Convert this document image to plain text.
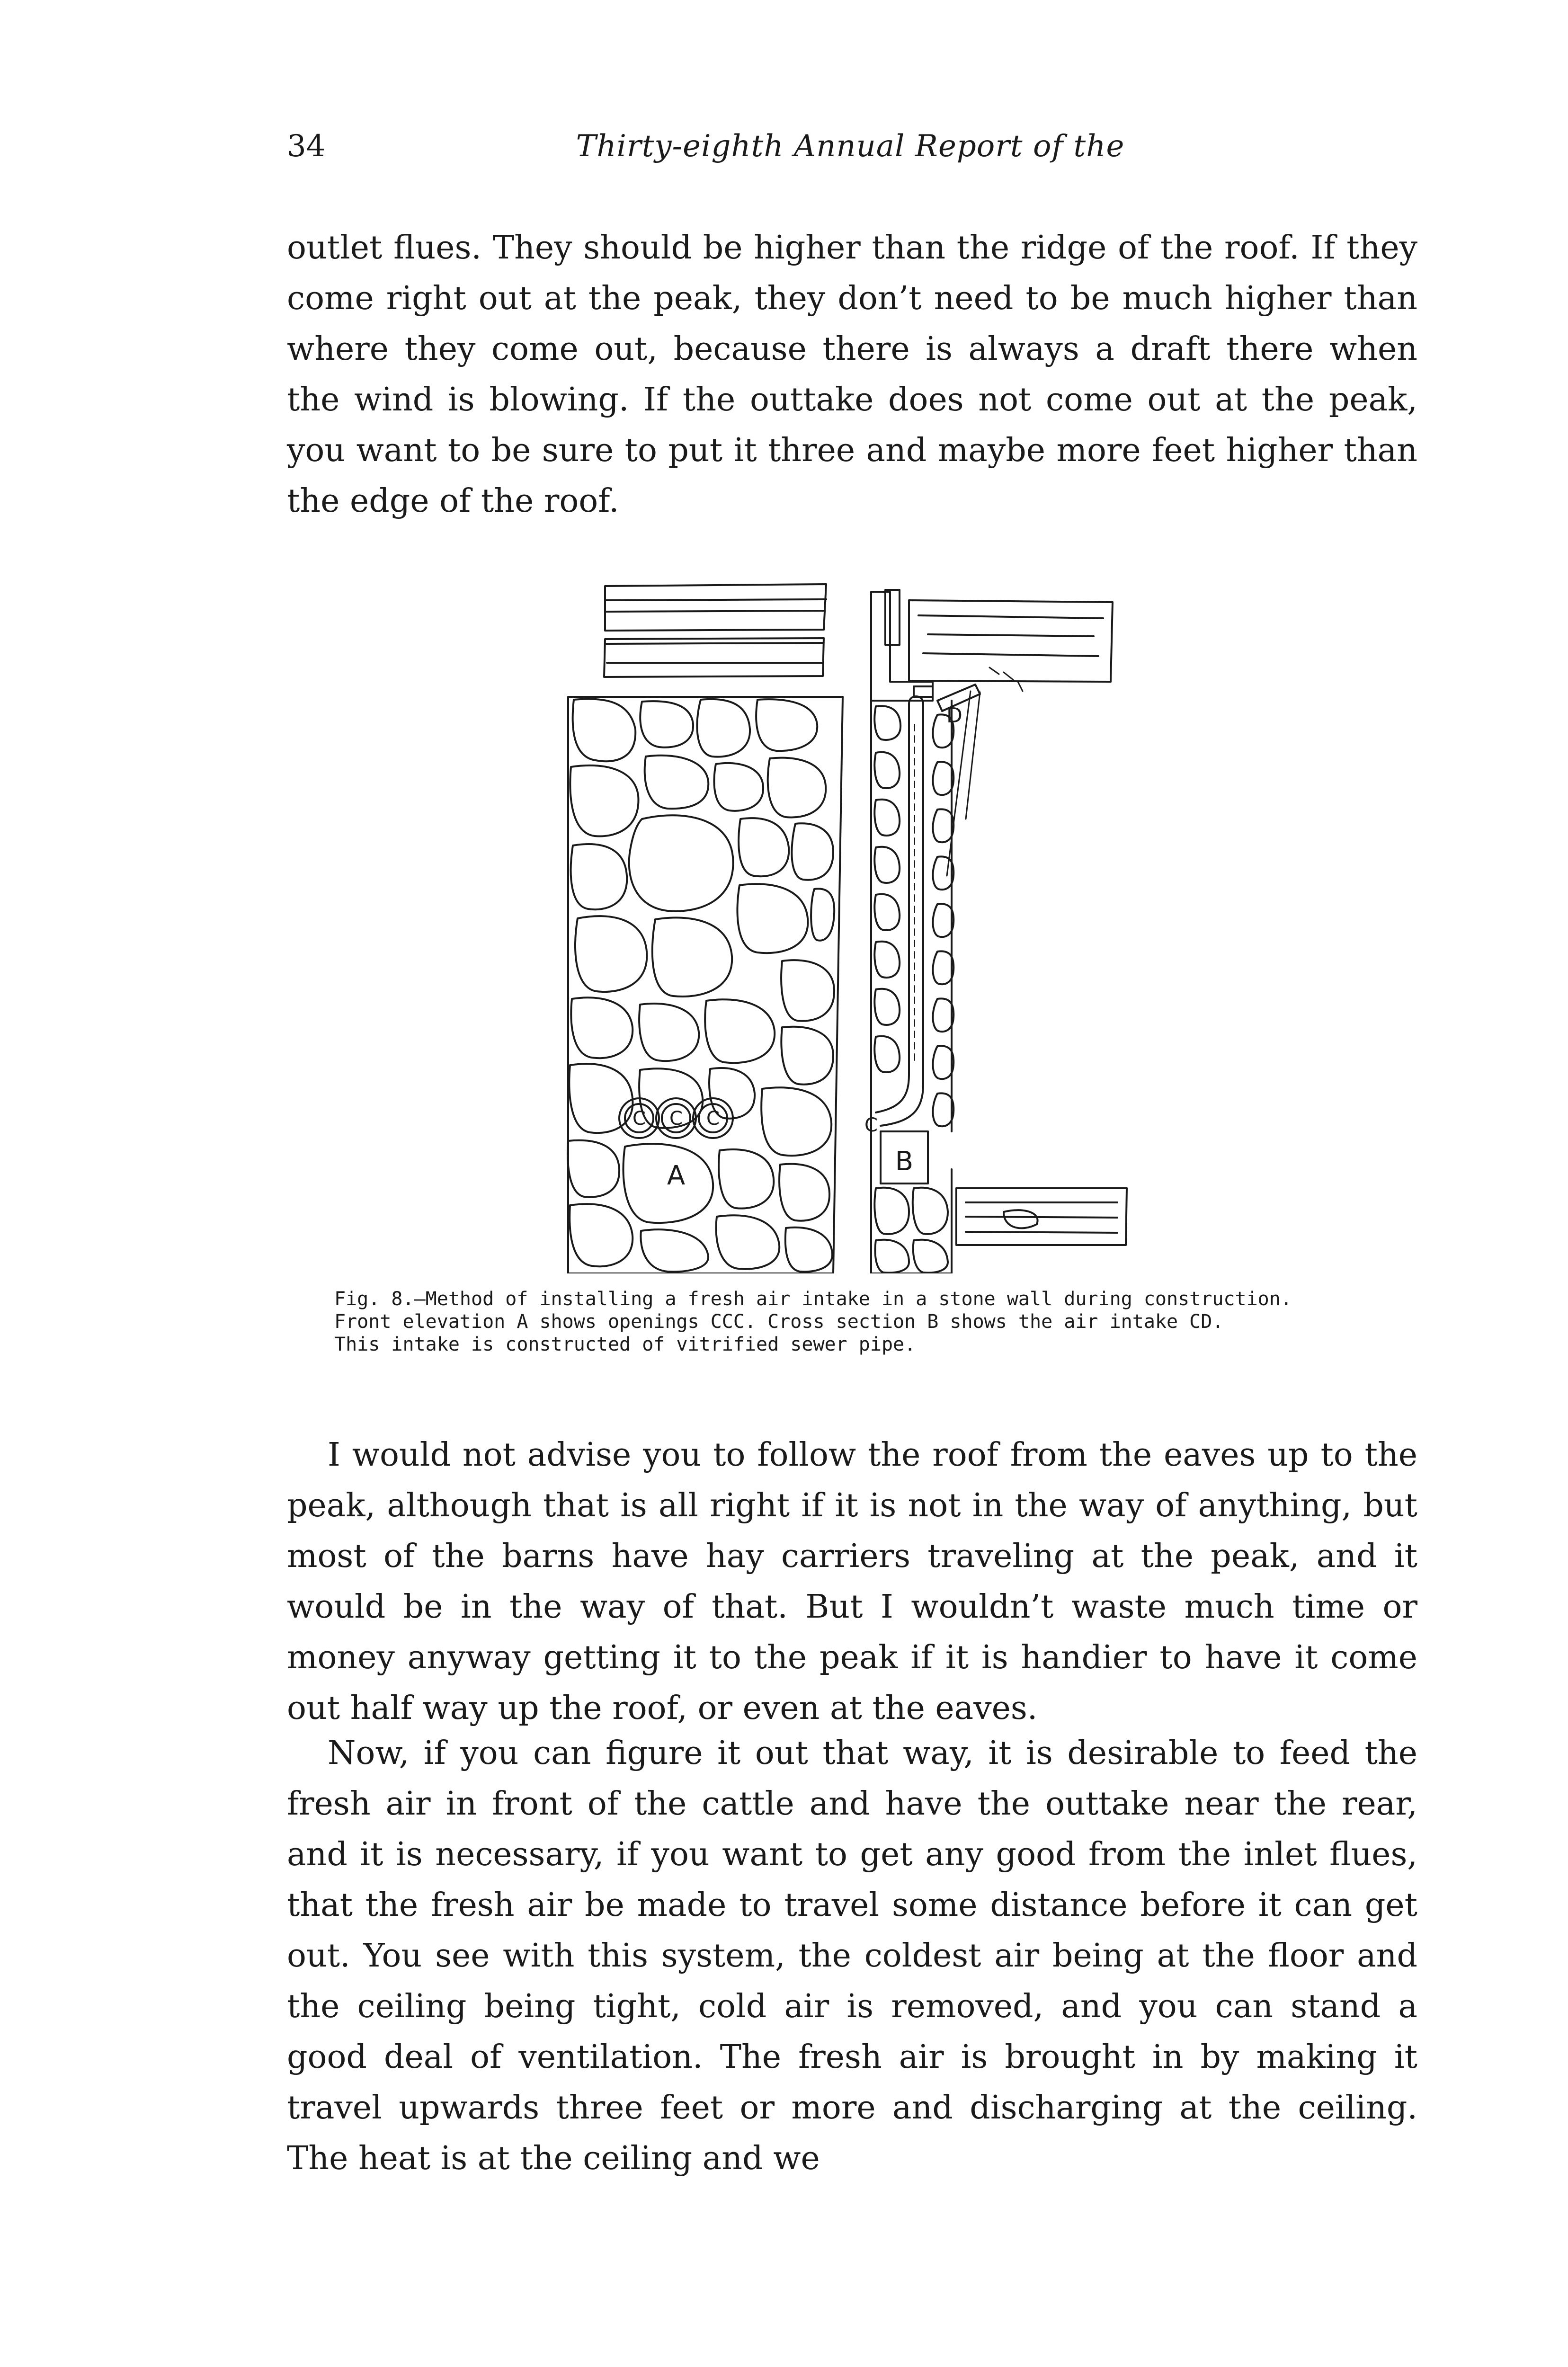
34	Thirty-eighth Annual Report of the

outlet flues. They should be higher than the ridge of the roof. If they come right out at the peak, they don’t need to be much higher than where they come out, because there is always a draft there when the wind is blowing. If the outtake does not come out at the peak, you want to be sure to put it three and maybe more feet higher than the edge of the roof.

C C C
A	B
C
D

Fig. 8.—Method of installing a fresh air intake in a stone wall during construction.
Front elevation A shows openings CCC. Cross section B shows the air intake CD.
This intake is constructed of vitrified sewer pipe.

I would not advise you to follow the roof from the eaves up to the peak, although that is all right if it is not in the way of anything, but most of the barns have hay carriers traveling at the peak, and it would be in the way of that. But I wouldn’t waste much time or money anyway getting it to the peak if it is handier to have it come out half way up the roof, or even at the eaves.

Now, if you can figure it out that way, it is desirable to feed the fresh air in front of the cattle and have the outtake near the rear, and it is necessary, if you want to get any good from the inlet flues, that the fresh air be made to travel some distance before it can get out. You see with this system, the coldest air being at the floor and the ceiling being tight, cold air is removed, and you can stand a good deal of ventilation. The fresh air is brought in by making it travel upwards three feet or more and discharging at the ceiling. The heat is at the ceiling and we
